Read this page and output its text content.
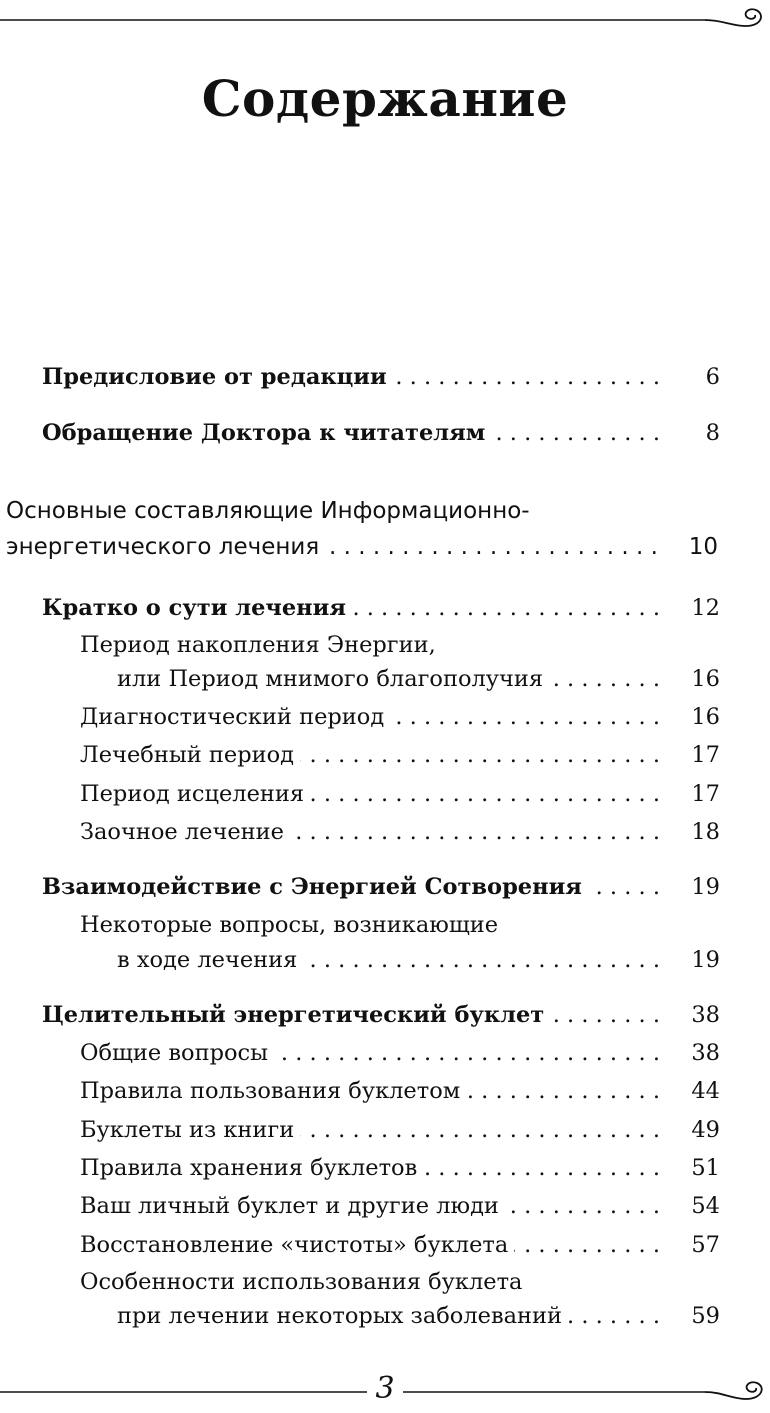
Содержание
Предисловие от редакции . . .	6
Обращение Доктора к читателям . . .	8
Основные составляющие Информационно-
энергетического лечения . . .	10
Кратко о сути лечения . . .	12
Период накопления Энергии,
или Период мнимого благополучия . . .	16
Диагностический период . . .	16
Лечебный период . . .	17
Период исцеления . . .	17
Заочное лечение . . .	18
Взаимодействие с Энергией Сотворения . . .	19
Некоторые вопросы, возникающие
в ходе лечения . . .	19
Целительный энергетический буклет . . .	38
Общие вопросы . . .	38
Правила пользования буклетом . . .	44
Буклеты из книги . . .	49
Правила хранения буклетов . . .	51
Ваш личный буклет и другие люди . . .	54
Восстановление «чистоты» буклета . . .	57
Особенности использования буклета
при лечении некоторых заболеваний . . .	59
3
